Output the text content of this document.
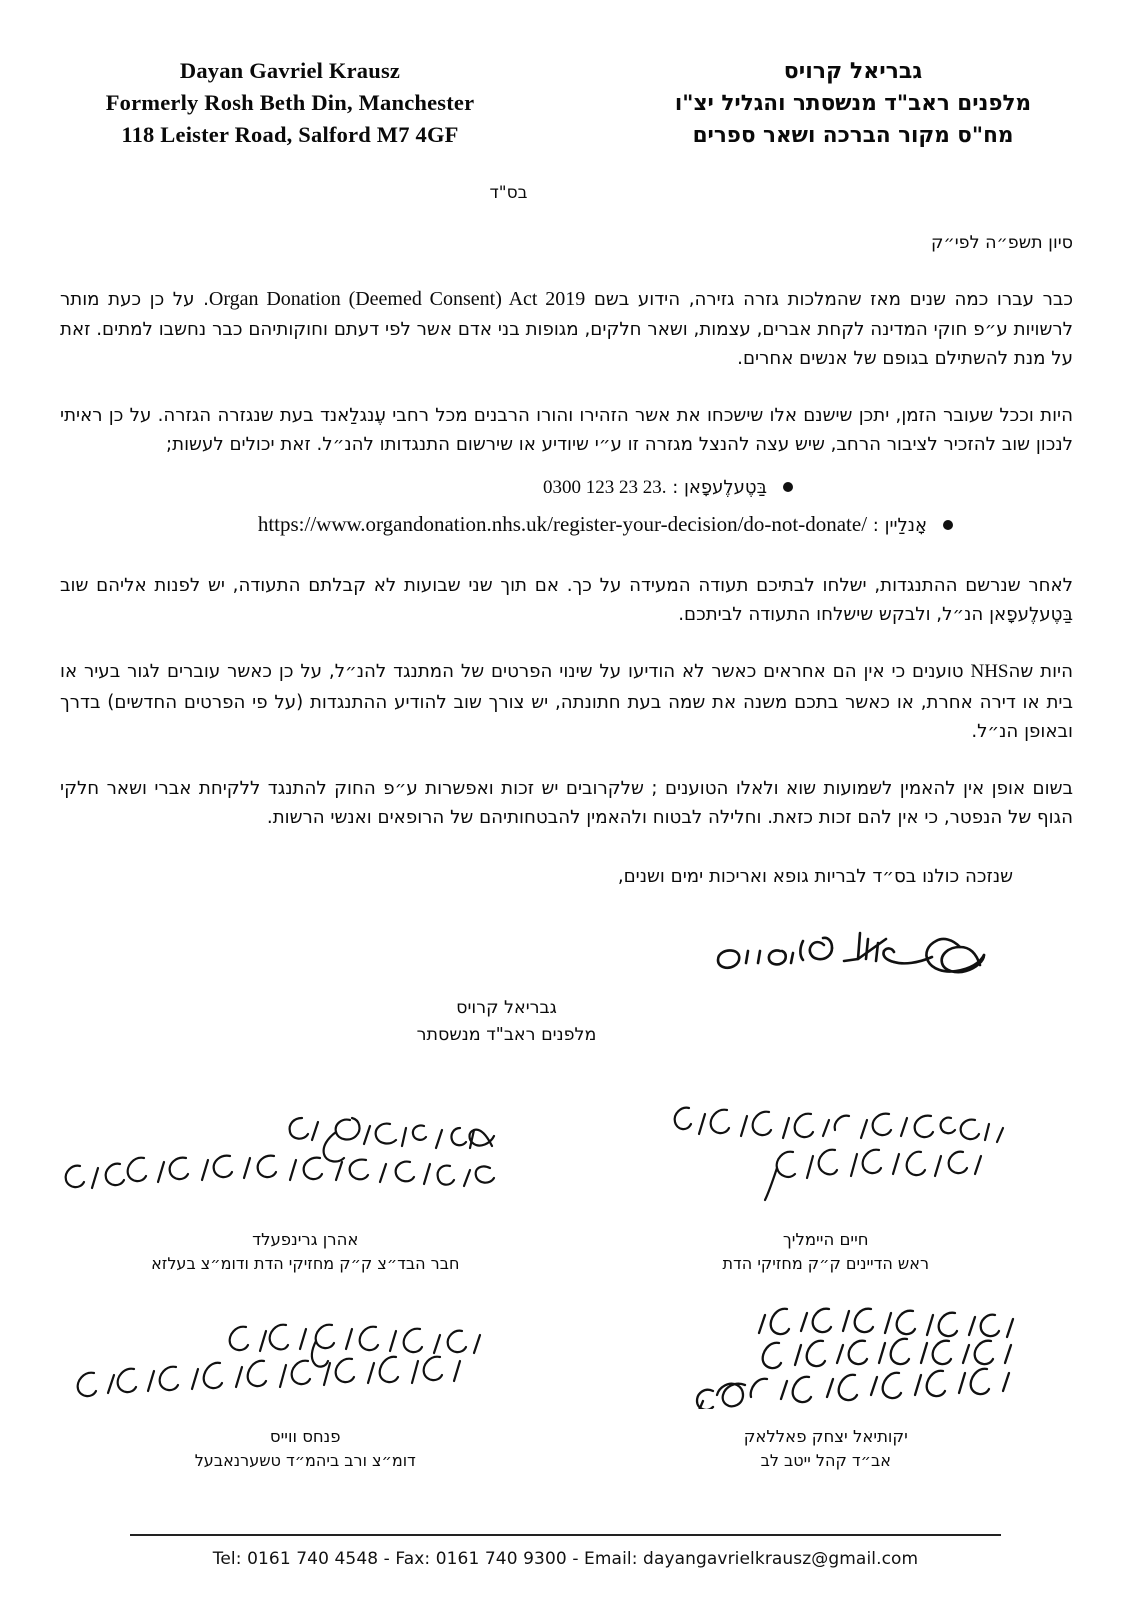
Dayan Gavriel Krausz
Formerly Rosh Beth Din, Manchester
118 Leister Road, Salford M7 4GF
גבריאל קרויס
מלפנים ראב"ד מנשסתר והגליל יצ"ו
מח"ס מקור הברכה ושאר ספרים
בס"ד
סיון תשפ״ה לפי״ק

כבר עברו כמה שנים מאז שהמלכות גזרה גזירה, הידוע בשם Organ Donation (Deemed Consent) Act 2019. על כן כעת מותר לרשויות ע״פ חוקי המדינה לקחת אברים, עצמות, ושאר חלקים, מגופות בני אדם אשר לפי דעתם וחוקותיהם כבר נחשבו למתים. זאת על מנת להשתילם בגופם של אנשים אחרים.

היות וככל שעובר הזמן, יתכן שישנם אלו שישכחו את אשר הזהירו והורו הרבנים מכל רחבי עֶנגלַאנד בעת שנגזרה הגזרה. על כן ראיתי לנכון שוב להזכיר לציבור הרחב, שיש עצה להנצל מגזרה זו ע״י שיודיע או שירשום התנגדותו להנ״ל. זאת יכולים לעשות;

בַּטֶעלֶעפָאן : 0300 123 23 23.
אָנלַיין : https://www.organdonation.nhs.uk/register-your-decision/do-not-donate/

לאחר שנרשם ההתנגדות, ישלחו לבתיכם תעודה המעידה על כך. אם תוך שני שבועות לא קבלתם התעודה, יש לפנות אליהם שוב בַּטֶעלֶעפָאן הנ״ל, ולבקש שישלחו התעודה לביתכם.

היות שהNHS טוענים כי אין הם אחראים כאשר לא הודיעו על שינוי הפרטים של המתנגד להנ״ל, על כן כאשר עוברים לגור בעיר או בית או דירה אחרת, או כאשר בתכם משנה את שמה בעת חתונתה, יש צורך שוב להודיע ההתנגדות (על פי הפרטים החדשים) בדרך ובאופן הנ״ל.

בשום אופן אין להאמין לשמועות שוא ולאלו הטוענים ; שלקרובים יש זכות ואפשרות ע״פ החוק להתנגד ללקיחת אברי ושאר חלקי הגוף של הנפטר, כי אין להם זכות כזאת. וחלילה לבטוח ולהאמין להבטחותיהם של הרופאים ואנשי הרשות.

שנזכה כולנו בס״ד לבריות גופא ואריכות ימים ושנים,
גבריאל קרויס
מלפנים ראב"ד מנשסתר
אהרן גרינפעלד
חבר הבד״צ ק״ק מחזיקי הדת ודומ״צ בעלזא
חיים היימליך
ראש הדיינים ק״ק מחזיקי הדת
פנחס ווייס
דומ״צ ורב ביהמ״ד טשערנאבעל
יקותיאל יצחק פאללאק
אב״ד קהל ייטב לב
Tel: 0161 740 4548 - Fax: 0161 740 9300 - Email: dayangavrielkrausz@gmail.com
